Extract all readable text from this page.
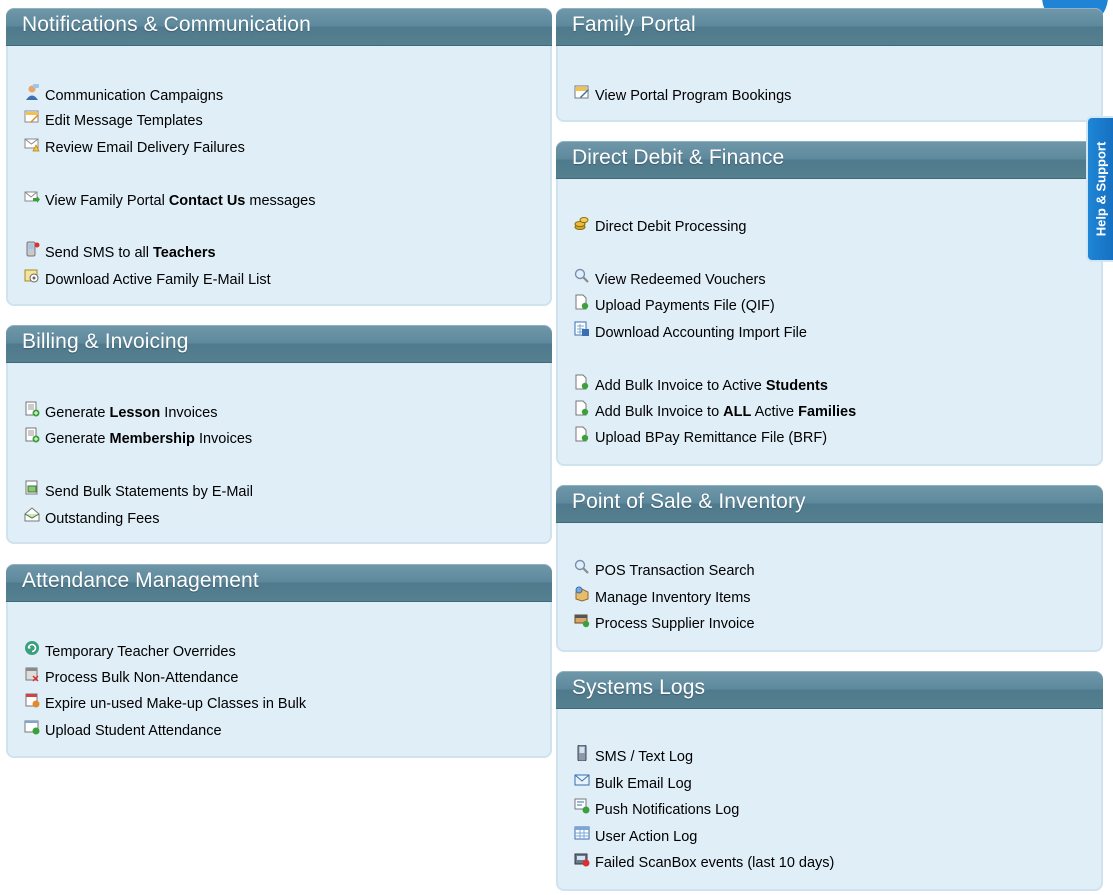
Notifications & Communication
Communication Campaigns
Edit Message Templates
Review Email Delivery Failures
View Family Portal Contact Us messages
Send SMS to all Teachers
Download Active Family E-Mail List
Billing & Invoicing
Generate Lesson Invoices
Generate Membership Invoices
Send Bulk Statements by E-Mail
Outstanding Fees
Attendance Management
Temporary Teacher Overrides
Process Bulk Non-Attendance
Expire un-used Make-up Classes in Bulk
Upload Student Attendance
Family Portal
View Portal Program Bookings
Direct Debit & Finance
Direct Debit Processing
View Redeemed Vouchers
Upload Payments File (QIF)
Download Accounting Import File
Add Bulk Invoice to Active Students
Add Bulk Invoice to ALL Active Families
Upload BPay Remittance File (BRF)
Point of Sale & Inventory
POS Transaction Search
Manage Inventory Items
Process Supplier Invoice
Systems Logs
SMS / Text Log
Bulk Email Log
Push Notifications Log
User Action Log
Failed ScanBox events (last 10 days)
Help & Support
